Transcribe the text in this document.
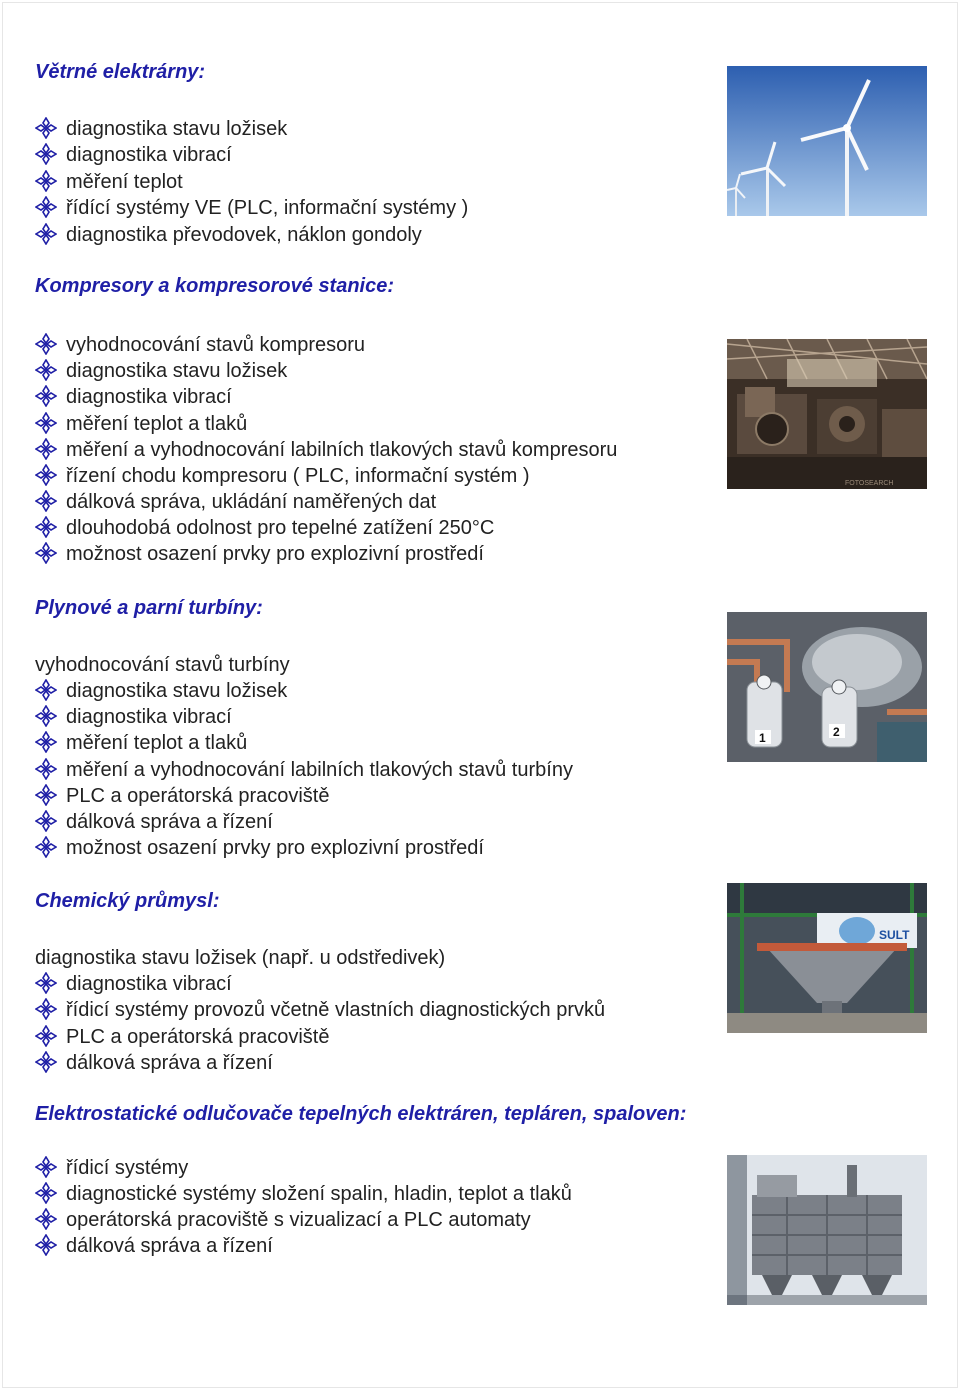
Větrné elektrárny:
diagnostika stavu ložisek
diagnostika vibrací
měření teplot
řídící systémy VE (PLC, informační systémy )
diagnostika převodovek, náklon gondoly
Kompresory a kompresorové stanice:
vyhodnocování stavů kompresoru
diagnostika stavu ložisek
diagnostika vibrací
měření teplot a tlaků
měření a vyhodnocování labilních tlakových stavů kompresoru
řízení chodu kompresoru ( PLC, informační systém )
dálková správa, ukládání naměřených dat
dlouhodobá odolnost pro tepelné zatížení 250°C
možnost osazení prvky pro explozivní prostředí
FOTOSEARCH
Plynové a parní turbíny:
vyhodnocování stavů turbíny
diagnostika stavu ložisek
diagnostika vibrací
měření teplot a tlaků
měření a vyhodnocování labilních tlakových stavů turbíny
PLC a operátorská pracoviště
dálková správa a řízení
možnost osazení prvky pro explozivní prostředí
1	2
Chemický průmysl:
diagnostika stavu ložisek (např. u odstředivek)
diagnostika vibrací
řídicí systémy provozů včetně vlastních diagnostických prvků
PLC a operátorská pracoviště
dálková správa a řízení
SULT
Elektrostatické odlučovače tepelných elektráren, tepláren, spaloven:
řídicí systémy
diagnostické systémy složení spalin, hladin, teplot a tlaků
operátorská pracoviště s vizualizací a PLC automaty
dálková správa a řízení
